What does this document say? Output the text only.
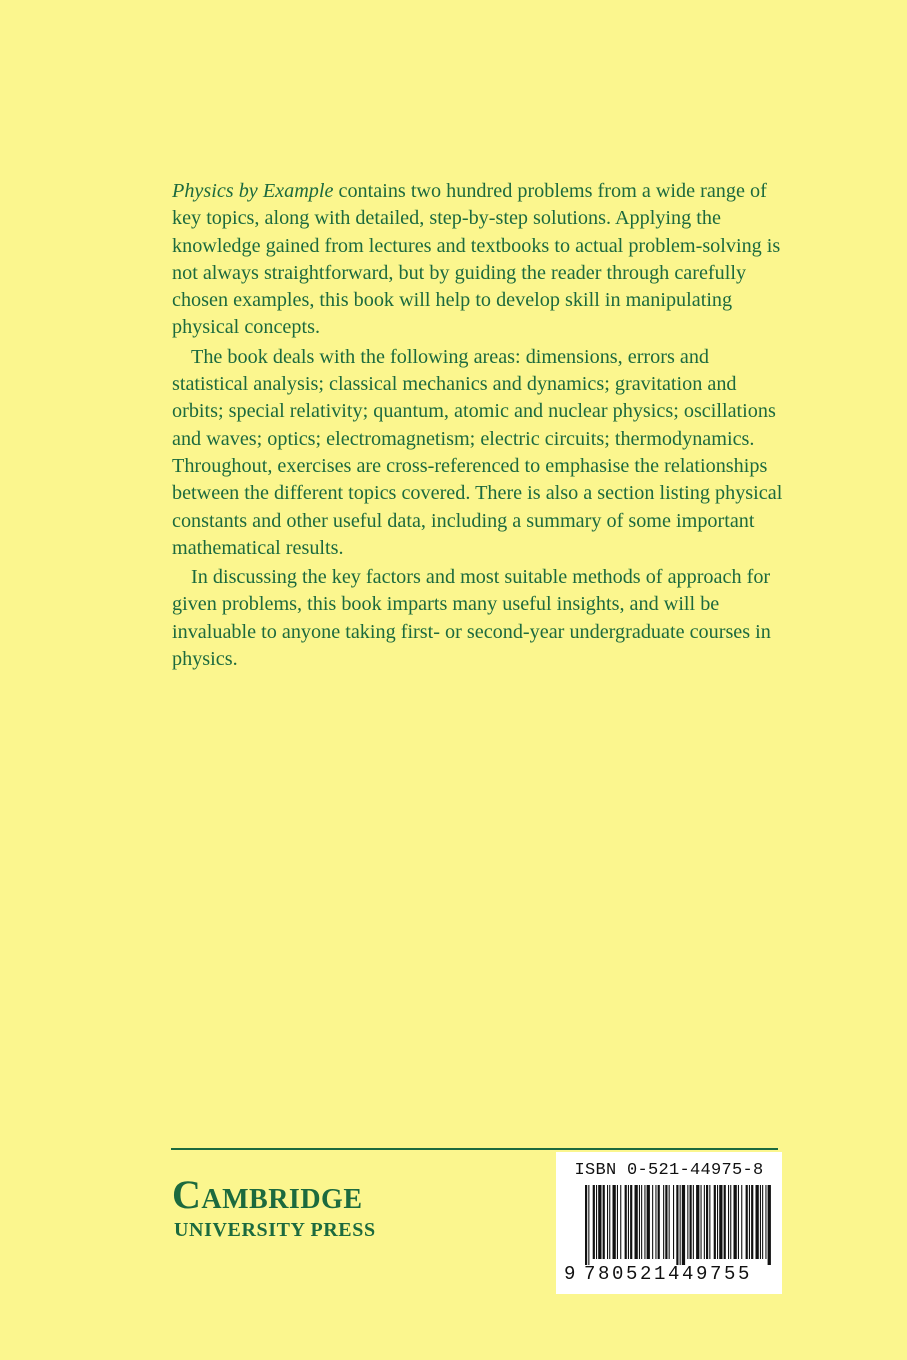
Physics by Example contains two hundred problems from a wide range of key topics, along with detailed, step-by-step solutions. Applying the knowledge gained from lectures and textbooks to actual problem-solving is not always straightforward, but by guiding the reader through carefully chosen examples, this book will help to develop skill in manipulating physical concepts.

The book deals with the following areas: dimensions, errors and statistical analysis; classical mechanics and dynamics; gravitation and orbits; special relativity; quantum, atomic and nuclear physics; oscillations and waves; optics; electromagnetism; electric circuits; thermodynamics. Throughout, exercises are cross-referenced to emphasise the relationships between the different topics covered. There is also a section listing physical constants and other useful data, including a summary of some important mathematical results.

In discussing the key factors and most suitable methods of approach for given problems, this book imparts many useful insights, and will be invaluable to anyone taking first- or second-year undergraduate courses in physics.

Cambridge
UNIVERSITY PRESS
ISBN 0-521-44975-8
9 780521449755
